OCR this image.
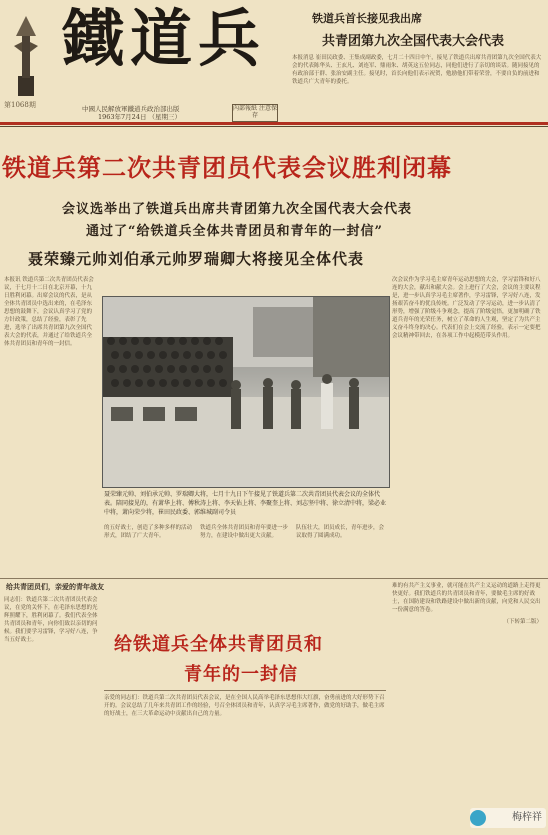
鐵道兵
第1068期	中國人民解放軍鐵道兵政治部出版
1963年7月24日 （星期三）
內部報紙 注意保存
铁道兵首长接见我出席
共青团第九次全国代表大会代表
本报消息 崔田民政委、王集成副政委，七月二十四日中午，接见了铁道兵出席共青团第九次全国代表大会的代表陈华头、王玄凡、刘连军、鼎雨朱、胡英这五位同志，同他们进行了亲切的谈话。随同接见的有政治部于群、张治安副主任。接见时，首长向他们表示祝贺，勉励他们带着荣誉，不要自负的前进和铁道兵广大青年的委托。
铁道兵第二次共青团员代表会议胜利闭幕
会议选举出了铁道兵出席共青团第九次全国代表大会代表
通过了“给铁道兵全体共青团员和青年的一封信”
聂荣臻元帅刘伯承元帅罗瑞卿大将接见全体代表
本报讯 铁道兵第二次共青团员代表会议，于七月十二日在北京开幕，十九日胜利闭幕。出席会议的代表，是从全体共青团员中选出来的，在毛泽东思想的鼓舞下，会议认真学习了党的方针政策，总结了经验，表彰了先进，选举了出席共青团第九次全国代表大会的代表，并通过了给铁道兵全体共青团员和青年的一封信。
聂荣臻元帅、刘伯承元帅、罗瑞卿大将，七月十九日下午接见了铁道兵第二次共青团员代表会议的全体代表。陪同接见的，有萧华上将、傅秋涛上将、李天佑上将、李聚奎上将、刘志坚中将、徐立清中将，梁必业中将，萧向荣少将，崔田民政委、郭维城副司令员
的五好战士，创造了多种多样的活动形式，团结了广大青年。
铁道兵全体共青团员和青年要进一步努力，在建设中做出更大贡献。
队伍壮大，团员成长，青年进步，会议取得了圆满成功。
次会议作为学习毛主席青年运动思想的大会，学习雷锋和好八连的大会，献出和献大会。会上进行了大会，会议的主要议程是，进一步认真学习毛主席著作，学习雷锋，学习好八连，发扬艰苦奋斗的优良传统。广泛发动了学习运动，进一步认清了形势，增强了阶级斗争观念，提高了阶级觉悟，更加明确了铁道兵青年的光荣任务，树立了革命的人生观，坚定了为共产主义奋斗终身的决心。代表们在会上交流了经验，表示一定要把会议精神带回去，在各项工作中起模范带头作用。
给共青团员们，亲爱的青年战友
同志们：铁道兵第二次共青团员代表会议，在党的关怀下，在毛泽东思想的光辉照耀下，胜利闭幕了。我们代表全体共青团员和青年，向你们致以亲切的问候。我们要学习雷锋，学习好八连，争当五好战士。	给铁道兵全体共青团员和
青年的一封信
亲爱的同志们：铁道兵第二次共青团员代表会议，是在全国人民高举毛泽东思想伟大红旗，奋勇前进的大好形势下召开的。会议总结了几年来共青团工作的经验，号召全体团员和青年，认真学习毛主席著作，做党的好助手，做毛主席的好战士，在三大革命运动中贡献出自己的力量。
难的有共产主义事业，就可能在共产主义运动的道路上走得更快更好。我们铁道兵的共青团员和青年，要做毛主席的好战士，在国防建设和铁路建设中做出新的贡献，向党和人民交出一份满意的答卷。
（下转第二版）
梅梓祥
